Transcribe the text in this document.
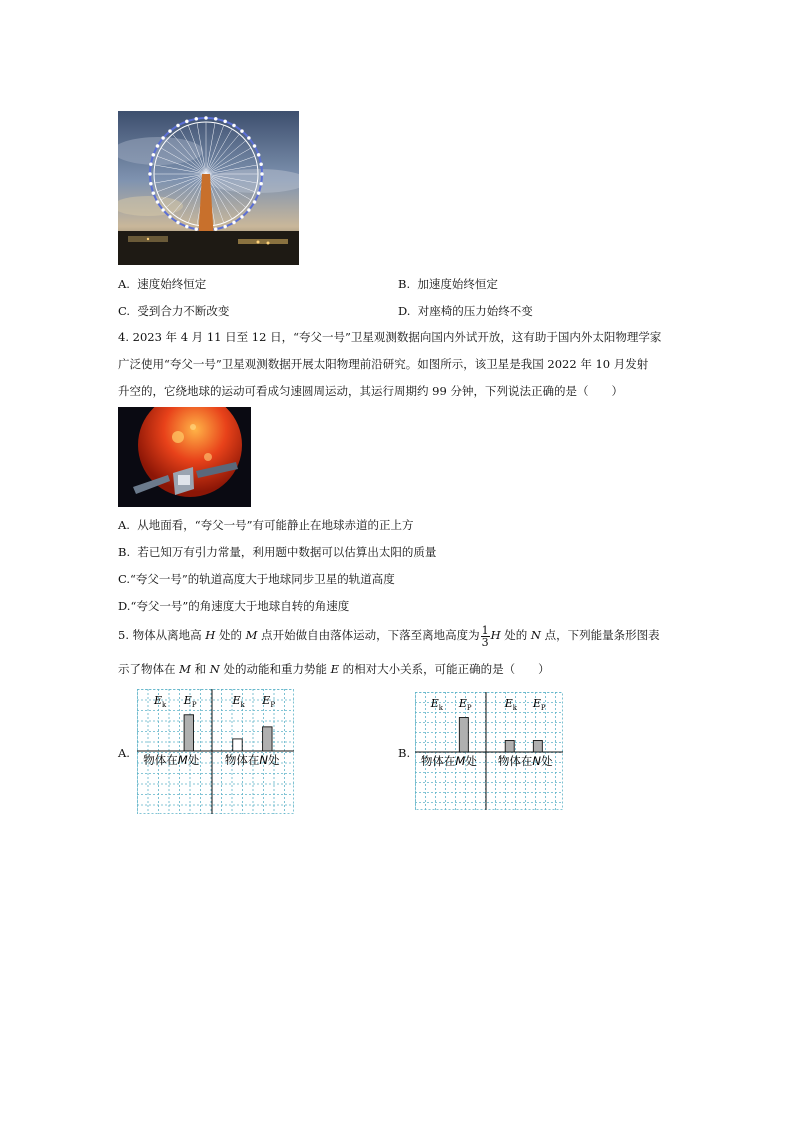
A. 速度始终恒定	B. 加速度始终恒定
C. 受到合力不断改变	D. 对座椅的压力始终不变
4. 2023 年 4 月 11 日至 12 日，“夸父一号”卫星观测数据向国内外试开放，这有助于国内外太阳物理学家
广泛使用“夸父一号”卫星观测数据开展太阳物理前沿研究。如图所示，该卫星是我国 2022 年 10 月发射
升空的，它绕地球的运动可看成匀速圆周运动，其运行周期约 99 分钟，下列说法正确的是（　　）
A. 从地面看，“夸父一号”有可能静止在地球赤道的正上方
B. 若已知万有引力常量，利用题中数据可以估算出太阳的质量
C.“夸父一号”的轨道高度大于地球同步卫星的轨道高度
D.“夸父一号”的角速度大于地球自转的角速度
5. 物体从离地高 H 处的 M 点开始做自由落体运动，下落至离地高度为 $\frac{1}{3}$ H 处的 N 点，下列能量条形图表
示了物体在 M 和 N 处的动能和重力势能 E 的相对大小关系，可能正确的是（　　）
A.	B.
$E_k$ $E_P$	$E_k$ $E_P$
物体在M处 物体在N处
$E_k$ $E_P$	$E_k$ $E_P$
物体在M处 物体在N处
